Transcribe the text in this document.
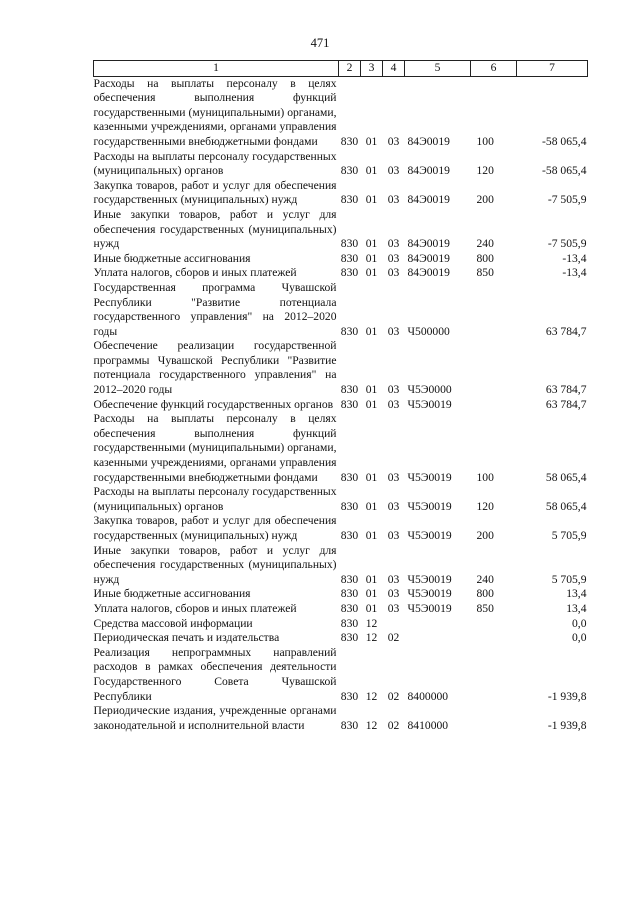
471
1	2	3	4	5	6	7
Расходы на выплаты персоналу в целях обеспечения выполнения функций государственными (муниципальными) органами, казенными учреждениями, органами управления государственными внебюджетными фондами	830	01	03	84Э0019	100	-58 065,4
Расходы на выплаты персоналу государственных (муниципальных) органов	830	01	03	84Э0019	120	-58 065,4
Закупка товаров, работ и услуг для обеспечения государственных (муниципальных) нужд	830	01	03	84Э0019	200	-7 505,9
Иные закупки товаров, работ и услуг для обеспечения государственных (муниципальных) нужд	830	01	03	84Э0019	240	-7 505,9
Иные бюджетные ассигнования	830	01	03	84Э0019	800	-13,4
Уплата налогов, сборов и иных платежей	830	01	03	84Э0019	850	-13,4
Государственная программа Чувашской Республики "Развитие потенциала государственного управления" на 2012–2020 годы	830	01	03	Ч500000		63 784,7
Обеспечение реализации государственной программы Чувашской Республики "Развитие потенциала государственного управления" на 2012–2020 годы	830	01	03	Ч5Э0000		63 784,7
Обеспечение функций государственных органов	830	01	03	Ч5Э0019		63 784,7
Расходы на выплаты персоналу в целях обеспечения выполнения функций государственными (муниципальными) органами, казенными учреждениями, органами управления государственными внебюджетными фондами	830	01	03	Ч5Э0019	100	58 065,4
Расходы на выплаты персоналу государственных (муниципальных) органов	830	01	03	Ч5Э0019	120	58 065,4
Закупка товаров, работ и услуг для обеспечения государственных (муниципальных) нужд	830	01	03	Ч5Э0019	200	5 705,9
Иные закупки товаров, работ и услуг для обеспечения государственных (муниципальных) нужд	830	01	03	Ч5Э0019	240	5 705,9
Иные бюджетные ассигнования	830	01	03	Ч5Э0019	800	13,4
Уплата налогов, сборов и иных платежей	830	01	03	Ч5Э0019	850	13,4
Средства массовой информации	830	12				0,0
Периодическая печать и издательства	830	12	02			0,0
Реализация непрограммных направлений расходов в рамках обеспечения деятельности Государственного Совета Чувашской Республики	830	12	02	8400000		-1 939,8
Периодические издания, учрежденные органами законодательной и исполнительной власти	830	12	02	8410000		-1 939,8
